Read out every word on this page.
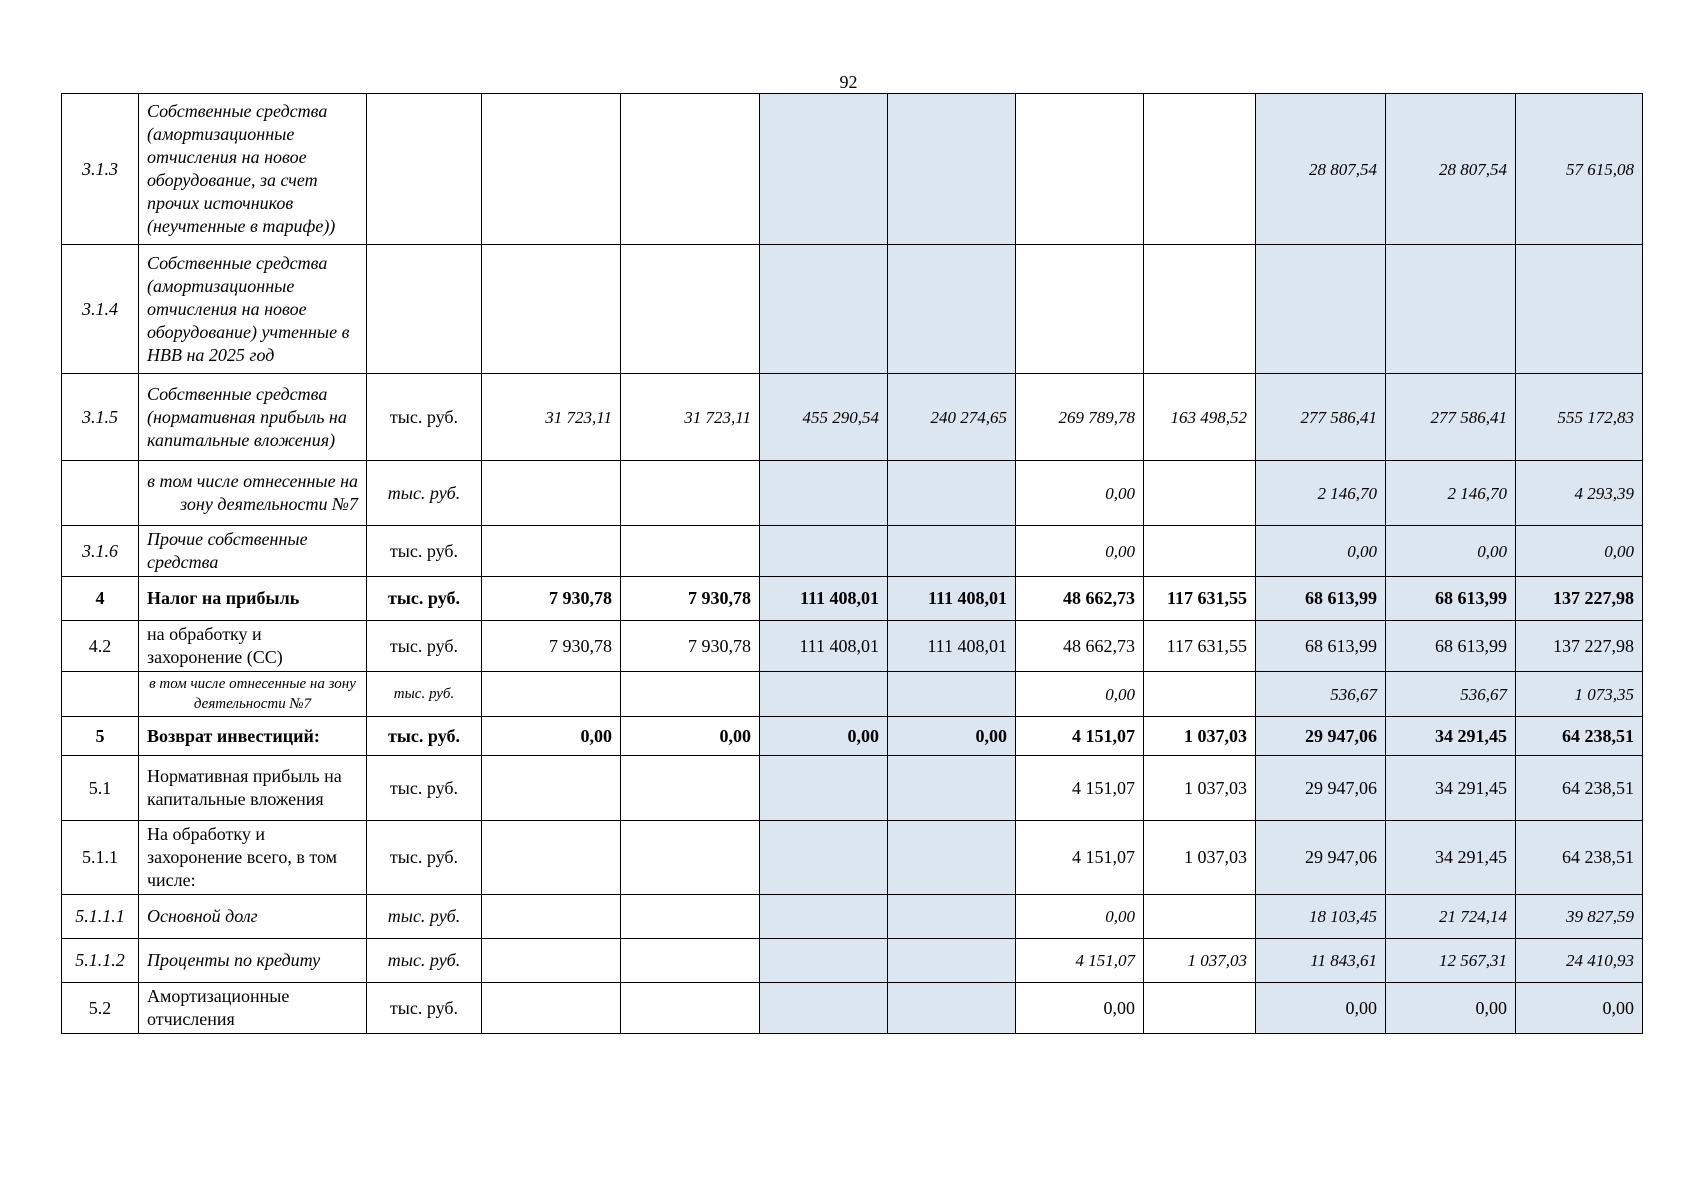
92
3.1.3	Собственные средства (амортизационные отчисления на новое оборудование, за счет прочих источников (неучтенные в тарифе))								28 807,54	28 807,54	57 615,08
3.1.4	Собственные средства (амортизационные отчисления на новое оборудование) учтенные в НВВ на 2025 год										
3.1.5	Собственные средства (нормативная прибыль на капитальные вложения)	тыс. руб.	31 723,11	31 723,11	455 290,54	240 274,65	269 789,78	163 498,52	277 586,41	277 586,41	555 172,83
	в том числе отнесенные на зону деятельности №7	тыс. руб.					0,00		2 146,70	2 146,70	4 293,39
3.1.6	Прочие собственные средства	тыс. руб.					0,00		0,00	0,00	0,00
4	Налог на прибыль	тыс. руб.	7 930,78	7 930,78	111 408,01	111 408,01	48 662,73	117 631,55	68 613,99	68 613,99	137 227,98
4.2	на обработку и захоронение (СС)	тыс. руб.	7 930,78	7 930,78	111 408,01	111 408,01	48 662,73	117 631,55	68 613,99	68 613,99	137 227,98
	в том числе отнесенные на зону деятельности №7	тыс. руб.					0,00		536,67	536,67	1 073,35
5	Возврат инвестиций:	тыс. руб.	0,00	0,00	0,00	0,00	4 151,07	1 037,03	29 947,06	34 291,45	64 238,51
5.1	Нормативная прибыль на капитальные вложения	тыс. руб.					4 151,07	1 037,03	29 947,06	34 291,45	64 238,51
5.1.1	На обработку и захоронение всего, в том числе:	тыс. руб.					4 151,07	1 037,03	29 947,06	34 291,45	64 238,51
5.1.1.1	Основной долг	тыс. руб.					0,00		18 103,45	21 724,14	39 827,59
5.1.1.2	Проценты по кредиту	тыс. руб.					4 151,07	1 037,03	11 843,61	12 567,31	24 410,93
5.2	Амортизационные отчисления	тыс. руб.					0,00		0,00	0,00	0,00
